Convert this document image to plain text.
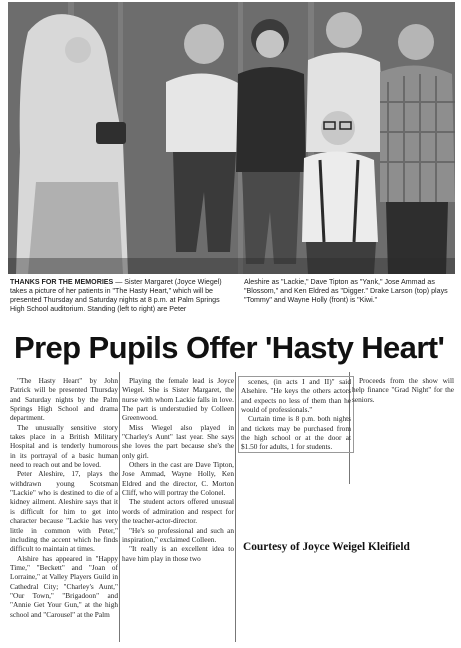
THANKS FOR THE MEMORIES — Sister Margaret (Joyce Wiegel) takes a picture of her patients in "The Hasty Heart," which will be presented Thursday and Saturday nights at 8 p.m. at Palm Springs High School auditorium. Standing (left to right) are Peter
Aleshire as "Lackie," Dave Tipton as "Yank," Jose Ammad as "Blossom," and Ken Eldred as "Digger." Drake Larson (top) plays "Tommy" and Wayne Holly (front) is "Kiwi."
Prep Pupils Offer 'Hasty Heart'

"The Hasty Heart" by John Patrick will be presented Thursday and Saturday nights by the Palm Springs High School and drama department.

The unusually sensitive story takes place in a British Military Hospital and is tenderly humorous in its portrayal of a basic human need to reach out and be loved.

Peter Aleshire, 17, plays the withdrawn young Scotsman "Lackie" who is destined to die of a kidney ailment. Aleshire says that it is difficult for him to get into character because "Lackie has very little in common with Peter," including the accent which he finds difficult to maintain at times.

Alshire has appeared in "Happy Time," "Beckett" and "Joan of Lorraine," at Valley Players Guild in Cathedral City; "Charley's Aunt," "Our Town," "Brigadoon" and "Annie Get Your Gun," at the high school and "Carousel" at the Palm

Playing the female lead is Joyce Wiegel. She is Sister Margaret, the nurse with whom Lackie falls in love. The part is understudied by Colleen Greenwood.

Miss Wiegel also played in "Charley's Aunt" last year. She says she loves the part because she's the only girl.

Others in the cast are Dave Tipton, Jose Ammad, Wayne Holly, Ken Eldred and the director, C. Morton Cliff, who will portray the Colonel.

The student actors offered unusual words of admiration and respect for the teacher-actor-director.

"He's so professional and such an inspiration," exclaimed Colleen.

"It really is an excellent idea to have him play in those two

scenes, (in acts I and II)" said Alsehire. "He keys the others actors and expects no less of them than he would of professionals."

Curtain time is 8 p.m. both nights and tickets may be purchased from the high school or at the door at $1.50 for adults, 1 for students.

Proceeds from the show will help finance "Grad Night" for the seniors.

Courtesy of Joyce Weigel Kleifield
